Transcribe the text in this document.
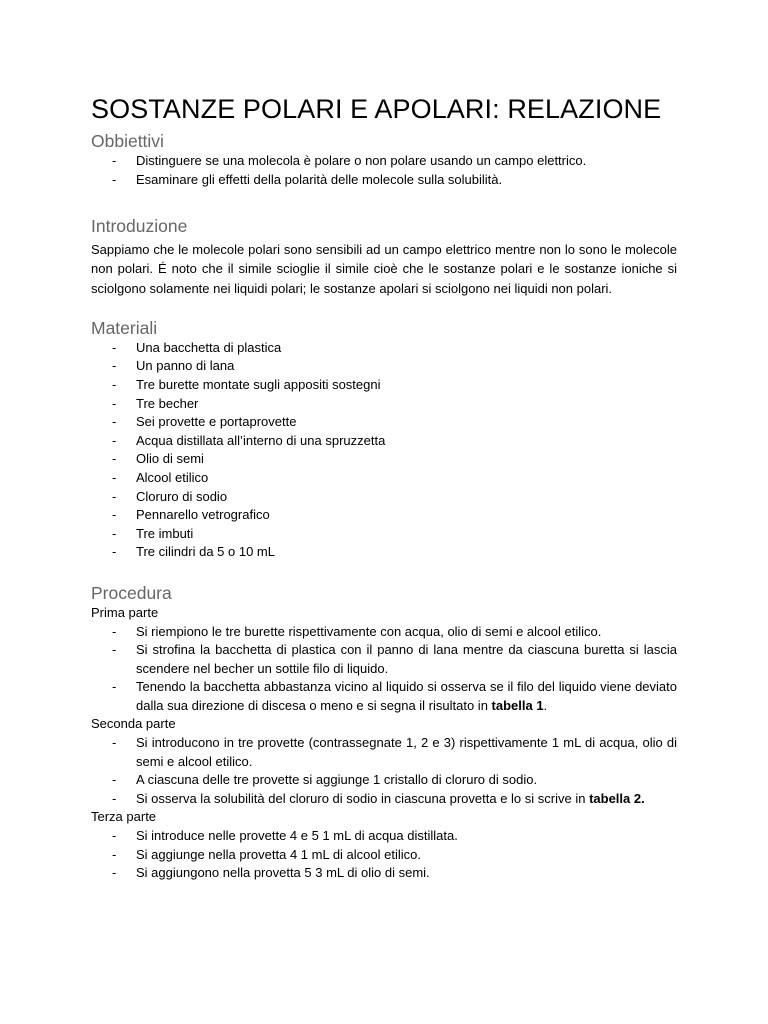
SOSTANZE POLARI E APOLARI: RELAZIONE
Obbiettivi
- Distinguere se una molecola è polare o non polare usando un campo elettrico.
- Esaminare gli effetti della polarità delle molecole sulla solubilità.
Introduzione

Sappiamo che le molecole polari sono sensibili ad un campo elettrico mentre non lo sono le molecole non polari. É noto che il simile scioglie il simile cioè che le sostanze polari e le sostanze ioniche si sciolgono solamente nei liquidi polari; le sostanze apolari si sciolgono nei liquidi non polari.

Materiali
- Una bacchetta di plastica
- Un panno di lana
- Tre burette montate sugli appositi sostegni
- Tre becher
- Sei provette e portaprovette
- Acqua distillata all’interno di una spruzzetta
- Olio di semi
- Alcool etilico
- Cloruro di sodio
- Pennarello vetrografico
- Tre imbuti
- Tre cilindri da 5 o 10 mL
Procedura
Prima parte
- Si riempiono le tre burette rispettivamente con acqua, olio di semi e alcool etilico.
- Si strofina la bacchetta di plastica con il panno di lana mentre da ciascuna buretta si lascia scendere nel becher un sottile filo di liquido.
- Tenendo la bacchetta abbastanza vicino al liquido si osserva se il filo del liquido viene deviato dalla sua direzione di discesa o meno e si segna il risultato in tabella 1.
Seconda parte
- Si introducono in tre provette (contrassegnate 1, 2 e 3) rispettivamente 1 mL di acqua, olio di semi e alcool etilico.
- A ciascuna delle tre provette si aggiunge 1 cristallo di cloruro di sodio.
- Si osserva la solubilità del cloruro di sodio in ciascuna provetta e lo si scrive in tabella 2.
Terza parte
- Si introduce nelle provette 4 e 5 1 mL di acqua distillata.
- Si aggiunge nella provetta 4 1 mL di alcool etilico.
- Si aggiungono nella provetta 5 3 mL di olio di semi.
